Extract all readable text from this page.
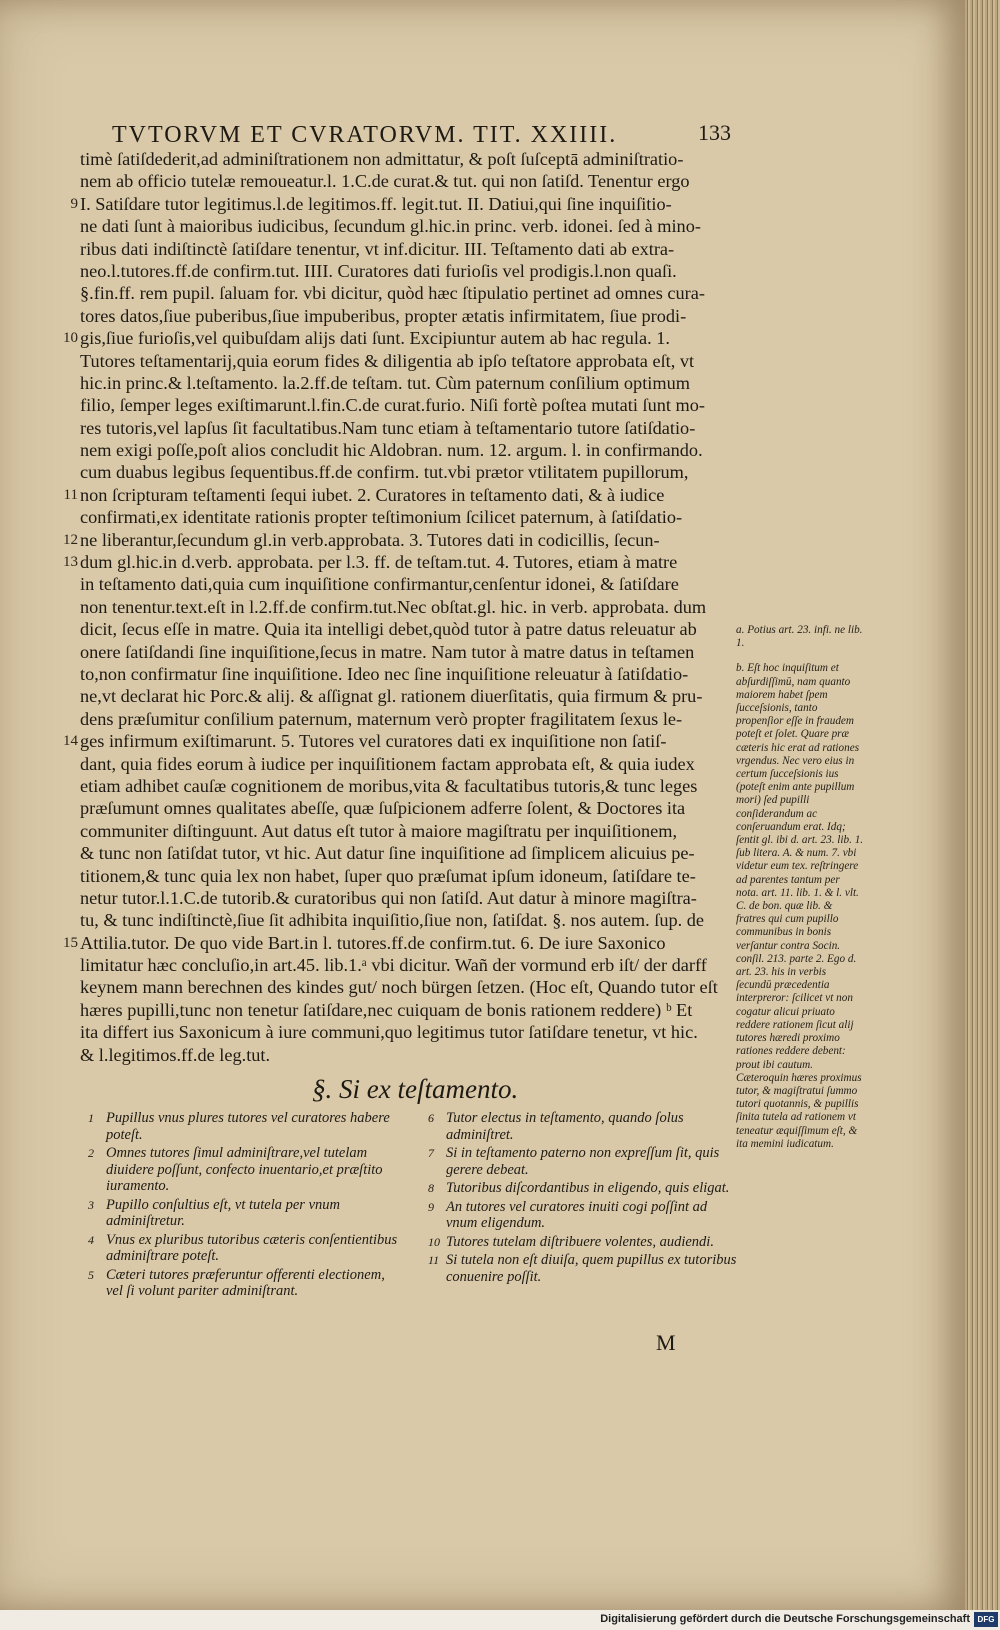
TVTORVM ET CVRATORVM. TIT. XXIIII.	133
timè ſatiſdederit,ad adminiſtrationem non admittatur, & poſt ſuſceptā adminiſtratio-
nem ab officio tutelæ remoueatur.l. 1.C.de curat.& tut. qui non ſatiſd. Tenentur ergo
9 I. Satiſdare tutor legitimus.l.de legitimos.ff. legit.tut. II. Datiui,qui ſine inquiſitio-
ne dati ſunt à maioribus iudicibus, ſecundum gl.hic.in princ. verb. idonei. ſed à mino-
ribus dati indiſtinctè ſatiſdare tenentur, vt inf.dicitur. III. Teſtamento dati ab extra-
neo.l.tutores.ff.de confirm.tut. IIII. Curatores dati furioſis vel prodigis.l.non quaſi.
§.fin.ff. rem pupil. ſaluam for. vbi dicitur, quòd hæc ſtipulatio pertinet ad omnes cura-
tores datos,ſiue puberibus,ſiue impuberibus, propter ætatis infirmitatem, ſiue prodi-
10 gis,ſiue furioſis,vel quibuſdam alijs dati ſunt. Excipiuntur autem ab hac regula. 1.
Tutores teſtamentarij,quia eorum fides & diligentia ab ipſo teſtatore approbata eſt, vt
hic.in princ.& l.teſtamento. la.2.ff.de teſtam. tut. Cùm paternum conſilium optimum
filio, ſemper leges exiſtimarunt.l.fin.C.de curat.furio. Niſi fortè poſtea mutati ſunt mo-
res tutoris,vel lapſus ſit facultatibus.Nam tunc etiam à teſtamentario tutore ſatiſdatio-
nem exigi poſſe,poſt alios concludit hic Aldobran. num. 12. argum. l. in confirmando.
cum duabus legibus ſequentibus.ff.de confirm. tut.vbi prætor vtilitatem pupillorum,
11 non ſcripturam teſtamenti ſequi iubet. 2. Curatores in teſtamento dati, & à iudice
confirmati,ex identitate rationis propter teſtimonium ſcilicet paternum, à ſatiſdatio-
12 ne liberantur,ſecundum gl.in verb.approbata. 3. Tutores dati in codicillis, ſecun-
13 dum gl.hic.in d.verb. approbata. per l.3. ff. de teſtam.tut. 4. Tutores, etiam à matre
in teſtamento dati,quia cum inquiſitione confirmantur,cenſentur idonei, & ſatiſdare
non tenentur.text.eſt in l.2.ff.de confirm.tut.Nec obſtat.gl. hic. in verb. approbata. dum
dicit, ſecus eſſe in matre. Quia ita intelligi debet,quòd tutor à patre datus releuatur ab
onere ſatiſdandi ſine inquiſitione,ſecus in matre. Nam tutor à matre datus in teſtamen
to,non confirmatur ſine inquiſitione. Ideo nec ſine inquiſitione releuatur à ſatiſdatio-
ne,vt declarat hic Porc.& alij. & aſſignat gl. rationem diuerſitatis, quia firmum & pru-
dens præſumitur conſilium paternum, maternum verò propter fragilitatem ſexus le-
14 ges infirmum exiſtimarunt. 5. Tutores vel curatores dati ex inquiſitione non ſatiſ-
dant, quia fides eorum à iudice per inquiſitionem factam approbata eſt, & quia iudex
etiam adhibet cauſæ cognitionem de moribus,vita & facultatibus tutoris,& tunc leges
præſumunt omnes qualitates abeſſe, quæ ſuſpicionem adferre ſolent, & Doctores ita
communiter diſtinguunt. Aut datus eſt tutor à maiore magiſtratu per inquiſitionem,
& tunc non ſatiſdat tutor, vt hic. Aut datur ſine inquiſitione ad ſimplicem alicuius pe-
titionem,& tunc quia lex non habet, ſuper quo præſumat ipſum idoneum, ſatiſdare te-
netur tutor.l.1.C.de tutorib.& curatoribus qui non ſatiſd. Aut datur à minore magiſtra-
tu, & tunc indiſtinctè,ſiue ſit adhibita inquiſitio,ſiue non, ſatiſdat. §. nos autem. ſup. de
15 Attilia.tutor. De quo vide Bart.in l. tutores.ff.de confirm.tut. 6. De iure Saxonico
limitatur hæc concluſio,in art.45. lib.1.ᵃ vbi dicitur. Wañ der vormund erb iſt/ der darff
keynem mann berechnen des kindes gut/ noch bürgen ſetzen. (Hoc eſt, Quando tutor eſt
hæres pupilli,tunc non tenetur ſatiſdare,nec cuiquam de bonis rationem reddere) ᵇ Et
ita differt ius Saxonicum à iure communi,quo legitimus tutor ſatiſdare tenetur, vt hic.
& l.legitimos.ff.de leg.tut.
§. Si ex teſtamento.
1 Pupillus vnus plures tutores vel curatores habere poteſt.
2 Omnes tutores ſimul adminiſtrare,vel tutelam diuidere poſſunt, confecto inuentario,et præſtito iuramento.
3 Pupillo conſultius eſt, vt tutela per vnum adminiſtretur.
4 Vnus ex pluribus tutoribus cæteris conſentientibus adminiſtrare poteſt.
5 Cæteri tutores præferuntur offerenti electionem, vel ſi volunt pariter adminiſtrant.
6 Tutor electus in teſtamento, quando ſolus adminiſtret.
7 Si in teſtamento paterno non expreſſum ſit, quis gerere debeat.
8 Tutoribus diſcordantibus in eligendo, quis eligat.
9 An tutores vel curatores inuiti cogi poſſint ad vnum eligendum.
10 Tutores tutelam diſtribuere volentes, audiendi.
11 Si tutela non eſt diuiſa, quem pupillus ex tutoribus conuenire poſſit.
M
a. Potius art. 23. infi. ne lib. 1.
b. Eſt hoc inquiſitum et abſurdiſſimū, nam quanto maiorem habet ſpem ſucceſsionis, tanto propenſior eſſe in fraudem poteſt et ſolet. Quare præ cæteris hic erat ad rationes vrgendus. Nec vero eius in certum ſucceſsionis ius (poteſt enim ante pupillum mori) ſed pupilli conſiderandum ac conſeruandum erat. Idq; ſentit gl. ibi d. art. 23. lib. 1. ſub litera. A. & num. 7. vbi videtur eum tex. reſtringere ad parentes tantum per nota. art. 11. lib. 1. & l. vlt. C. de bon. quæ lib. & fratres qui cum pupillo communibus in bonis verſantur contra Socin. conſil. 213. parte 2. Ego d. art. 23. his in verbis ſecundū præcedentia interpreror: ſcilicet vt non cogatur alicui priuato reddere rationem ſicut alij tutores hæredi proximo rationes reddere debent: prout ibi cautum. Cæteroquin hæres proximus tutor, & magiſtratui ſummo tutori quotannis, & pupillis ſinita tutela ad rationem vt teneatur æquiſſimum eſt, & ita memini iudicatum.
Digitalisierung gefördert durch die Deutsche Forschungsgemeinschaft DFG
